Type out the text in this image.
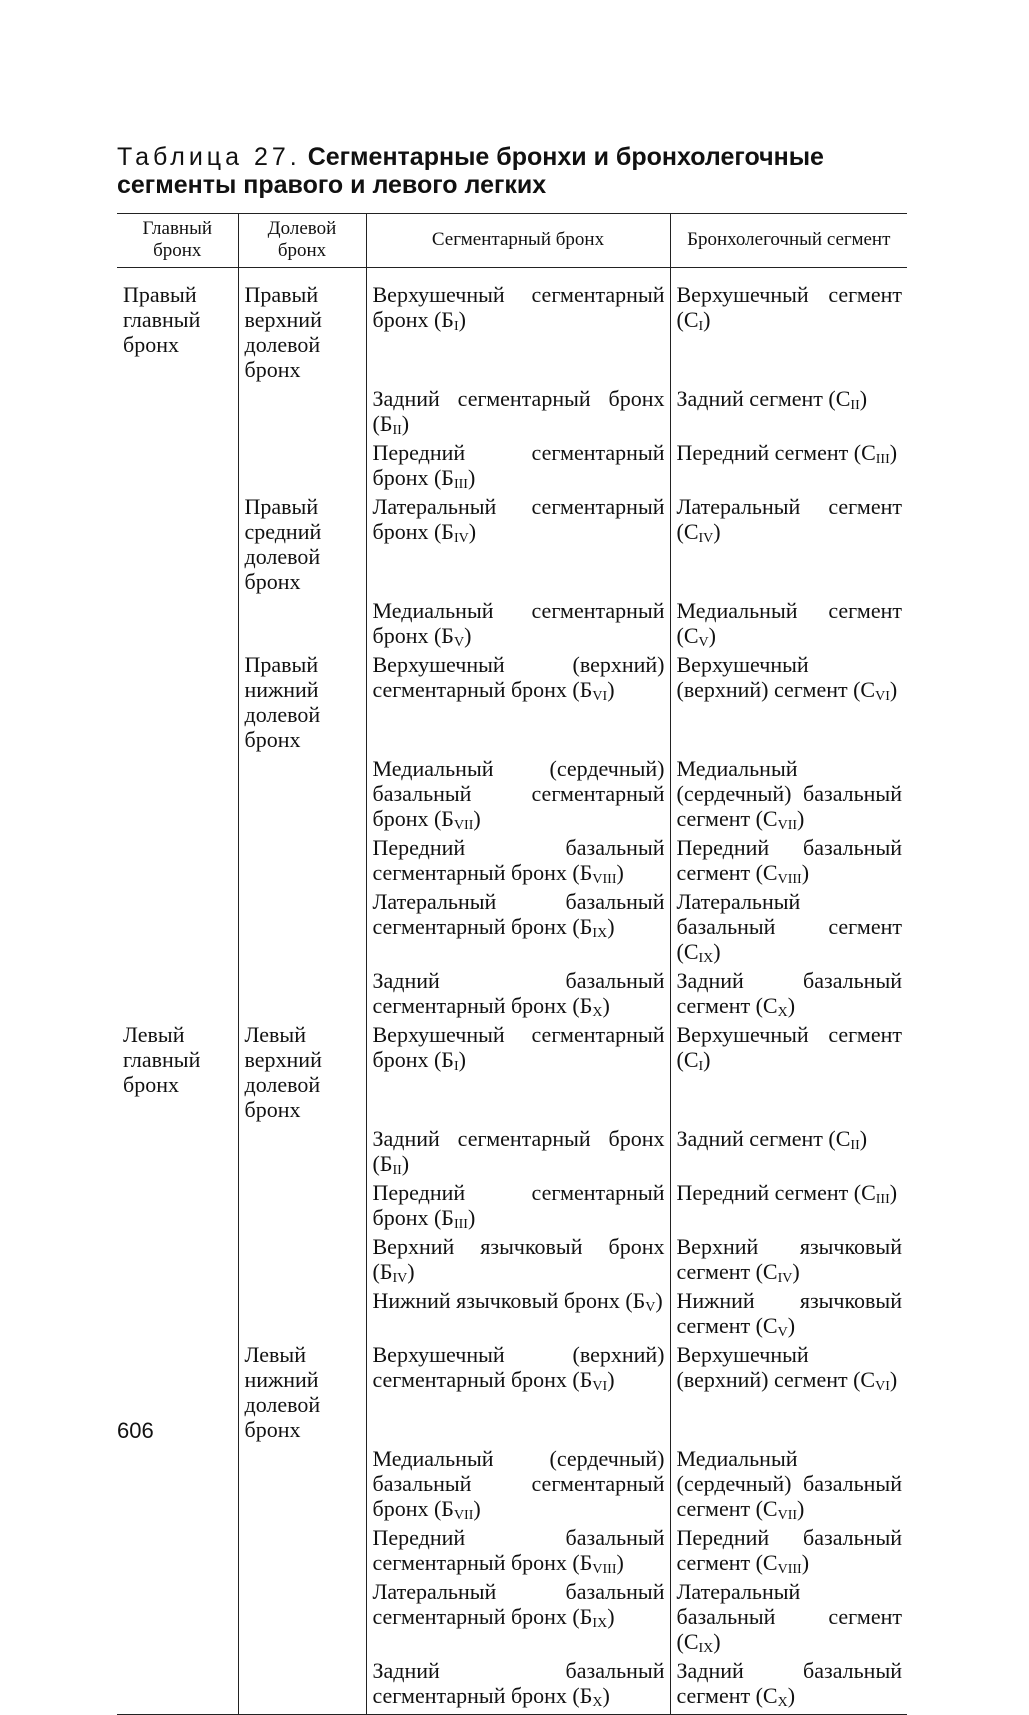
Таблица 27. Сегментарные бронхи и бронхолегочные сегменты правого и левого легких
Главный бронх	Долевой бронх	Сегментарный бронх	Бронхолегочный сегмент

Правый главный бронх	Правый верхний долевой бронх	Верхушечный сегментарный бронх $(Б_I)$	Верхушечный сегмент $(С_I)$

		Задний сегментарный бронх $(Б_{II})$	Задний сегмент $(С_{II})$

		Передний сегментарный бронх $(Б_{III})$	Передний сегмент $(С_{III})$

	Правый средний долевой бронх	Латеральный сегментарный бронх $(Б_{IV})$	Латеральный сегмент $(С_{IV})$

		Медиальный сегментарный бронх $(Б_V)$	Медиальный сегмент $(С_V)$

	Правый нижний долевой бронх	Верхушечный (верхний) сегментарный бронх $(Б_{VI})$	Верхушечный (верхний) сегмент $(С_{VI})$

		Медиальный (сердечный) базальный сегментарный бронх $(Б_{VII})$	Медиальный (сердечный) базальный сегмент $(С_{VII})$

		Передний базальный сегментарный бронх $(Б_{VIII})$	Передний базальный сегмент $(С_{VIII})$

		Латеральный базальный сегментарный бронх $(Б_{IX})$	Латеральный базальный сегмент $(С_{IX})$

		Задний базальный сегментарный бронх $(Б_X)$	Задний базальный сегмент $(С_X)$

Левый главный бронх	Левый верхний долевой бронх	Верхушечный сегментарный бронх $(Б_I)$	Верхушечный сегмент $(С_I)$

		Задний сегментарный бронх $(Б_{II})$	Задний сегмент $(С_{II})$

		Передний сегментарный бронх $(Б_{III})$	Передний сегмент $(С_{III})$

		Верхний язычковый бронх $(Б_{IV})$	Верхний язычковый сегмент $(С_{IV})$

		Нижний язычковый бронх $(Б_V)$	Нижний язычковый сегмент $(С_V)$

	Левый нижний долевой бронх	Верхушечный (верхний) сегментарный бронх $(Б_{VI})$	Верхушечный (верхний) сегмент $(С_{VI})$

		Медиальный (сердечный) базальный сегментарный бронх $(Б_{VII})$	Медиальный (сердечный) базальный сегмент $(С_{VII})$

		Передний базальный сегментарный бронх $(Б_{VIII})$	Передний базальный сегмент $(С_{VIII})$

		Латеральный базальный сегментарный бронх $(Б_{IX})$	Латеральный базальный сегмент $(С_{IX})$

		Задний базальный сегментарный бронх $(Б_X)$	Задний базальный сегмент $(С_X)$
606
